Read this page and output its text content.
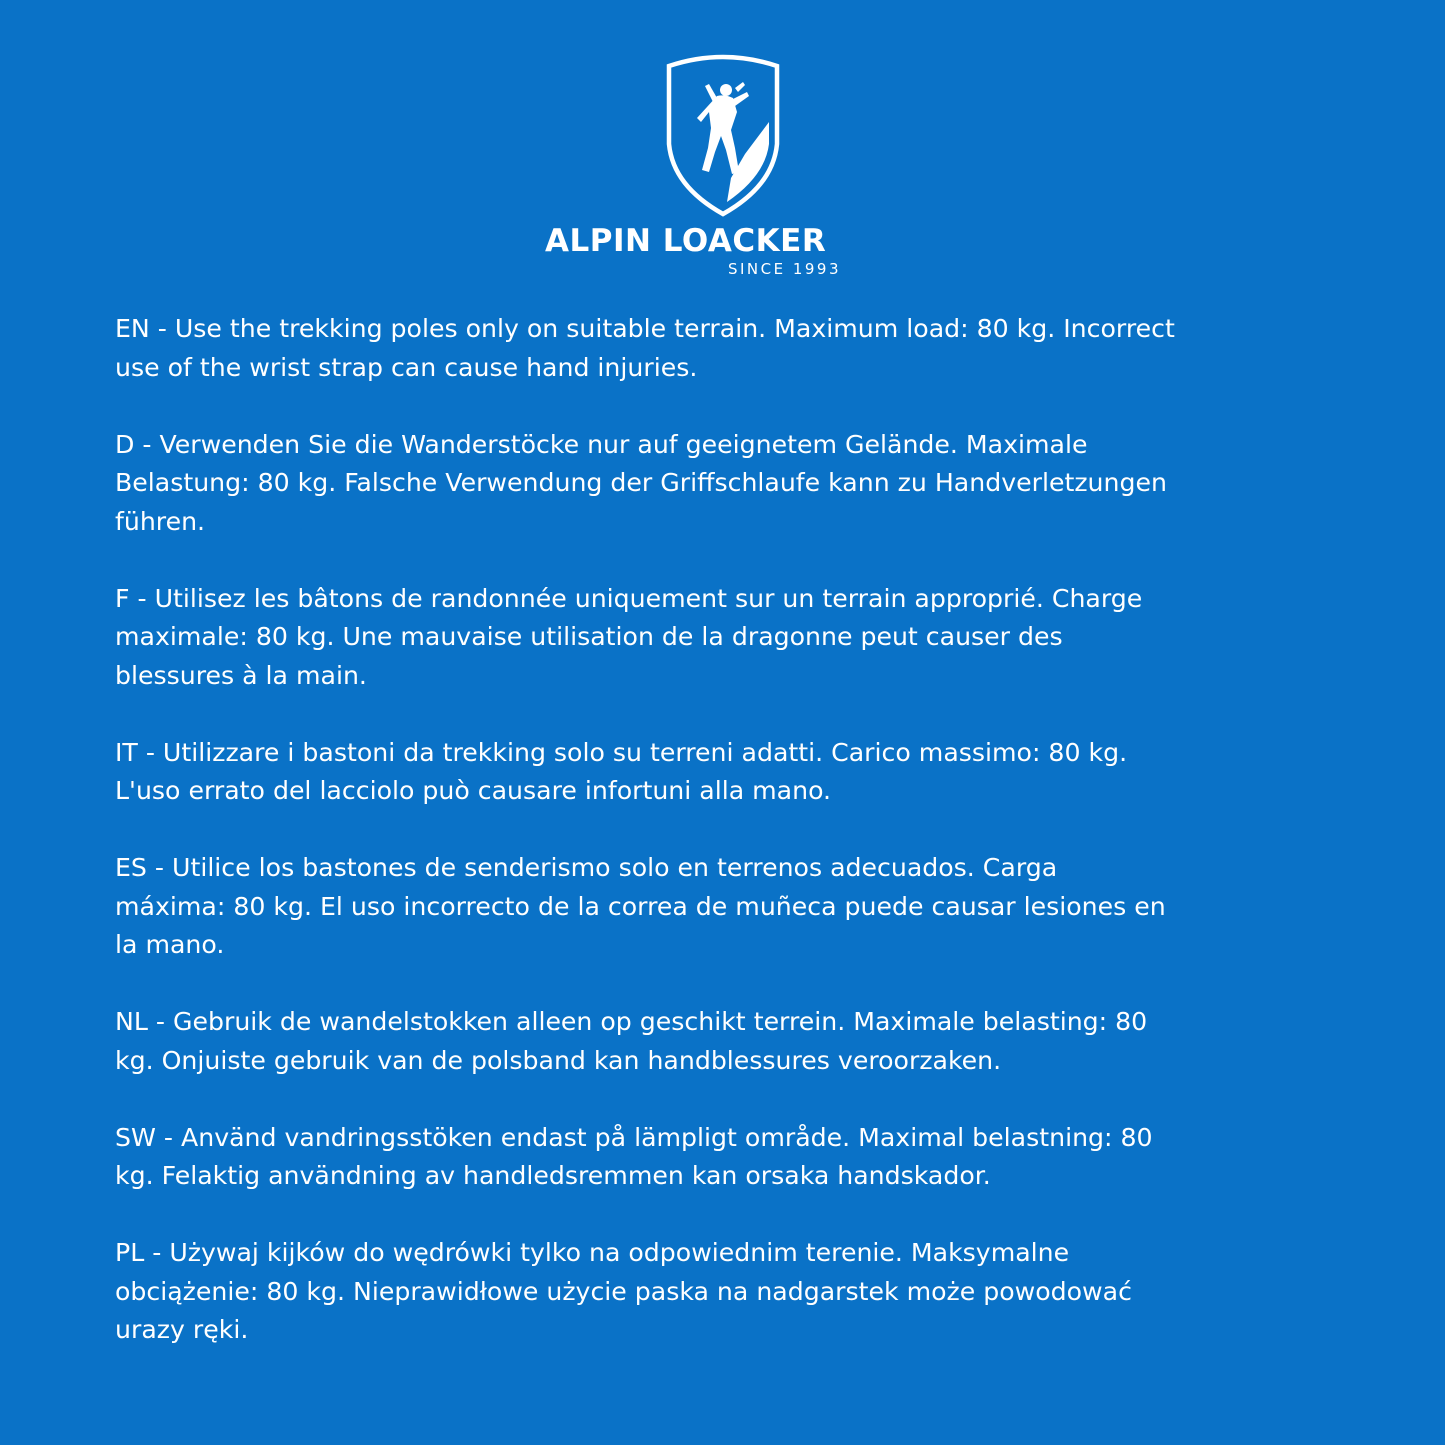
ALPIN LOACKER
SINCE 1993

EN - Use the trekking poles only on suitable terrain. Maximum load: 80 kg. Incorrect
use of the wrist strap can cause hand injuries.

D - Verwenden Sie die Wanderstöcke nur auf geeignetem Gelände. Maximale
Belastung: 80 kg. Falsche Verwendung der Griffschlaufe kann zu Handverletzungen
führen.

F - Utilisez les bâtons de randonnée uniquement sur un terrain approprié. Charge
maximale: 80 kg. Une mauvaise utilisation de la dragonne peut causer des
blessures à la main.

IT - Utilizzare i bastoni da trekking solo su terreni adatti. Carico massimo: 80 kg.
L'uso errato del lacciolo può causare infortuni alla mano.

ES - Utilice los bastones de senderismo solo en terrenos adecuados. Carga
máxima: 80 kg. El uso incorrecto de la correa de muñeca puede causar lesiones en
la mano.

NL - Gebruik de wandelstokken alleen op geschikt terrein. Maximale belasting: 80
kg. Onjuiste gebruik van de polsband kan handblessures veroorzaken.

SW - Använd vandringsstöken endast på lämpligt område. Maximal belastning: 80
kg. Felaktig användning av handledsremmen kan orsaka handskador.

PL - Używaj kijków do wędrówki tylko na odpowiednim terenie. Maksymalne
obciążenie: 80 kg. Nieprawidłowe użycie paska na nadgarstek może powodować
urazy ręki.
